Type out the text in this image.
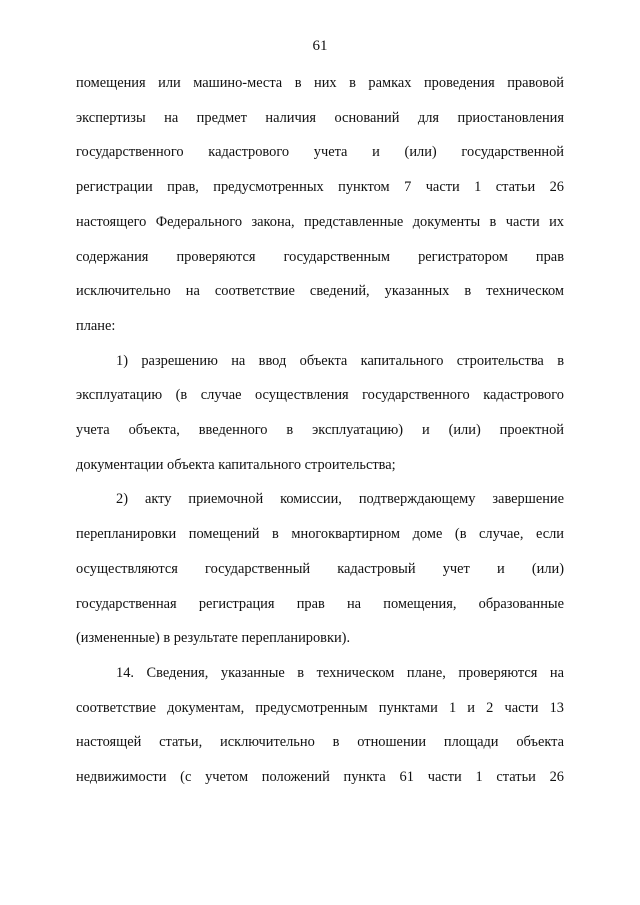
61

помещения или машино-места в них в рамках проведения правовой
экспертизы на предмет наличия оснований для приостановления
государственного кадастрового учета и (или) государственной
регистрации прав, предусмотренных пунктом 7 части 1 статьи 26
настоящего Федерального закона, представленные документы в части их
содержания проверяются государственным регистратором прав
исключительно на соответствие сведений, указанных в техническом
плане:

1) разрешению на ввод объекта капитального строительства в
эксплуатацию (в случае осуществления государственного кадастрового
учета объекта, введенного в эксплуатацию) и (или) проектной
документации объекта капитального строительства;

2) акту приемочной комиссии, подтверждающему завершение
перепланировки помещений в многоквартирном доме (в случае, если
осуществляются государственный кадастровый учет и (или)
государственная регистрация прав на помещения, образованные
(измененные) в результате перепланировки).

14. Сведения, указанные в техническом плане, проверяются на
соответствие документам, предусмотренным пунктами 1 и 2 части 13
настоящей статьи, исключительно в отношении площади объекта
недвижимости (с учетом положений пункта 61 части 1 статьи 26
